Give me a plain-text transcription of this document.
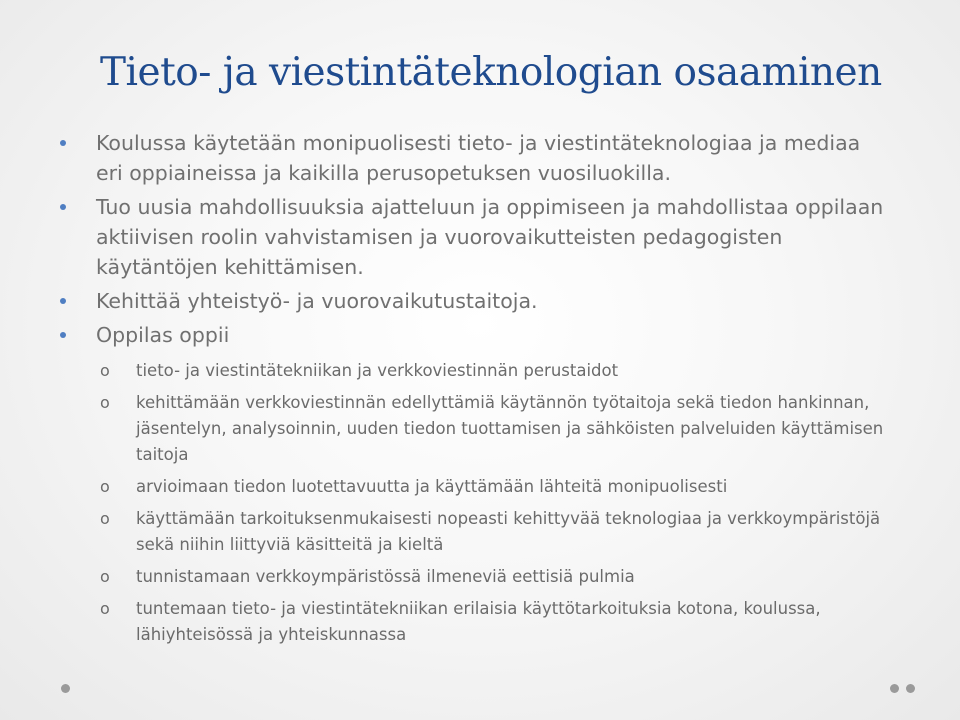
Tieto- ja viestintäteknologian osaaminen
Koulussa käytetään monipuolisesti tieto- ja viestintäteknologiaa ja mediaa eri oppiaineissa ja kaikilla perusopetuksen vuosiluokilla.
Tuo uusia mahdollisuuksia ajatteluun ja oppimiseen ja mahdollistaa oppilaan aktiivisen roolin vahvistamisen ja vuorovaikutteisten pedagogisten käytäntöjen kehittämisen.
Kehittää yhteistyö- ja vuorovaikutustaitoja.
Oppilas oppii
o tieto- ja viestintätekniikan ja verkkoviestinnän perustaidot
o kehittämään verkkoviestinnän edellyttämiä käytännön työtaitoja sekä tiedon hankinnan, jäsentelyn, analysoinnin, uuden tiedon tuottamisen ja sähköisten palveluiden käyttämisen taitoja
o arvioimaan tiedon luotettavuutta ja käyttämään lähteitä monipuolisesti
o käyttämään tarkoituksenmukaisesti nopeasti kehittyvää teknologiaa ja verkkoympäristöjä sekä niihin liittyviä käsitteitä ja kieltä
o tunnistamaan verkkoympäristössä ilmeneviä eettisiä pulmia
o tuntemaan tieto- ja viestintätekniikan erilaisia käyttötarkoituksia kotona, koulussa, lähiyhteisössä ja yhteiskunnassa
